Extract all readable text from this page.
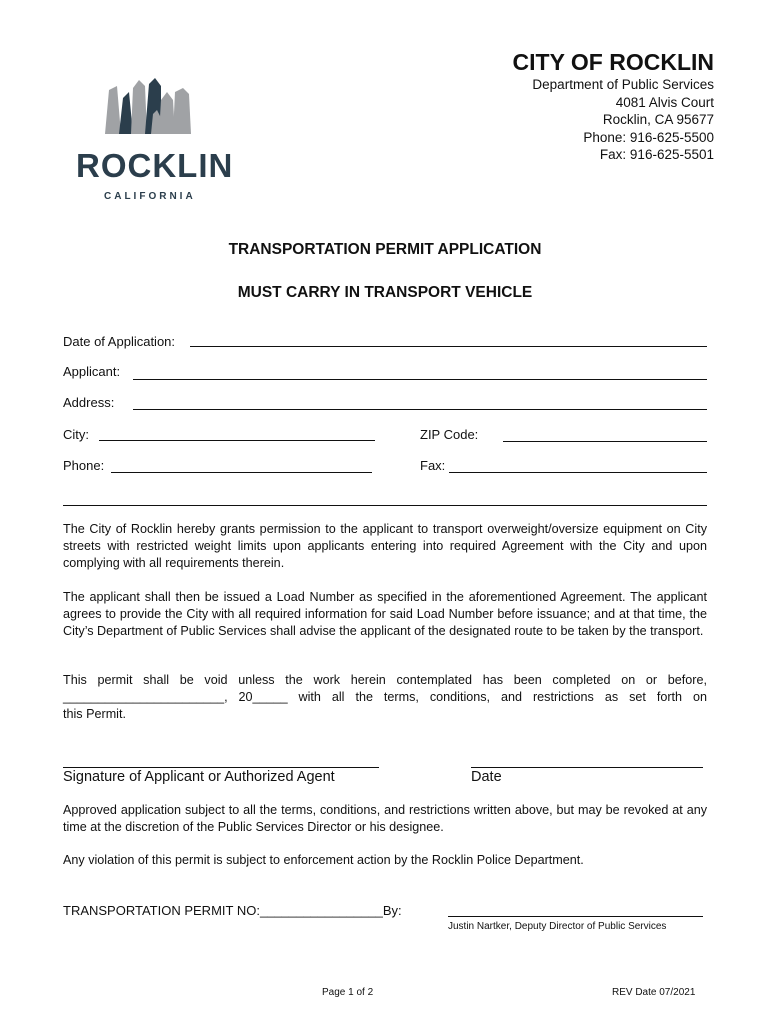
ROCKLIN
CALIFORNIA
CITY OF ROCKLIN
Department of Public Services
4081 Alvis Court
Rocklin, CA 95677
Phone: 916-625-5500
Fax: 916-625-5501
TRANSPORTATION PERMIT APPLICATION
MUST CARRY IN TRANSPORT VEHICLE
Date of Application:
Applicant:
Address:
City:	ZIP Code:
Phone:	Fax:
The City of Rocklin hereby grants permission to the applicant to transport overweight/oversize equipment on City streets with restricted weight limits upon applicants entering into required Agreement with the City and upon complying with all requirements therein.
The applicant shall then be issued a Load Number as specified in the aforementioned Agreement. The applicant agrees to provide the City with all required information for said Load Number before issuance; and at that time, the City’s Department of Public Services shall advise the applicant of the designated route to be taken by the transport.
This permit shall be void unless the work herein contemplated has been completed on or before,
_______________________, 20_____ with all the terms, conditions, and restrictions as set forth on
this Permit.
Signature of Applicant or Authorized Agent	Date
Approved application subject to all the terms, conditions, and restrictions written above, but may be revoked at any time at the discretion of the Public Services Director or his designee.
Any violation of this permit is subject to enforcement action by the Rocklin Police Department.
TRANSPORTATION PERMIT NO:_________________By:
Justin Nartker, Deputy Director of Public Services
Page 1 of 2	REV Date 07/2021
